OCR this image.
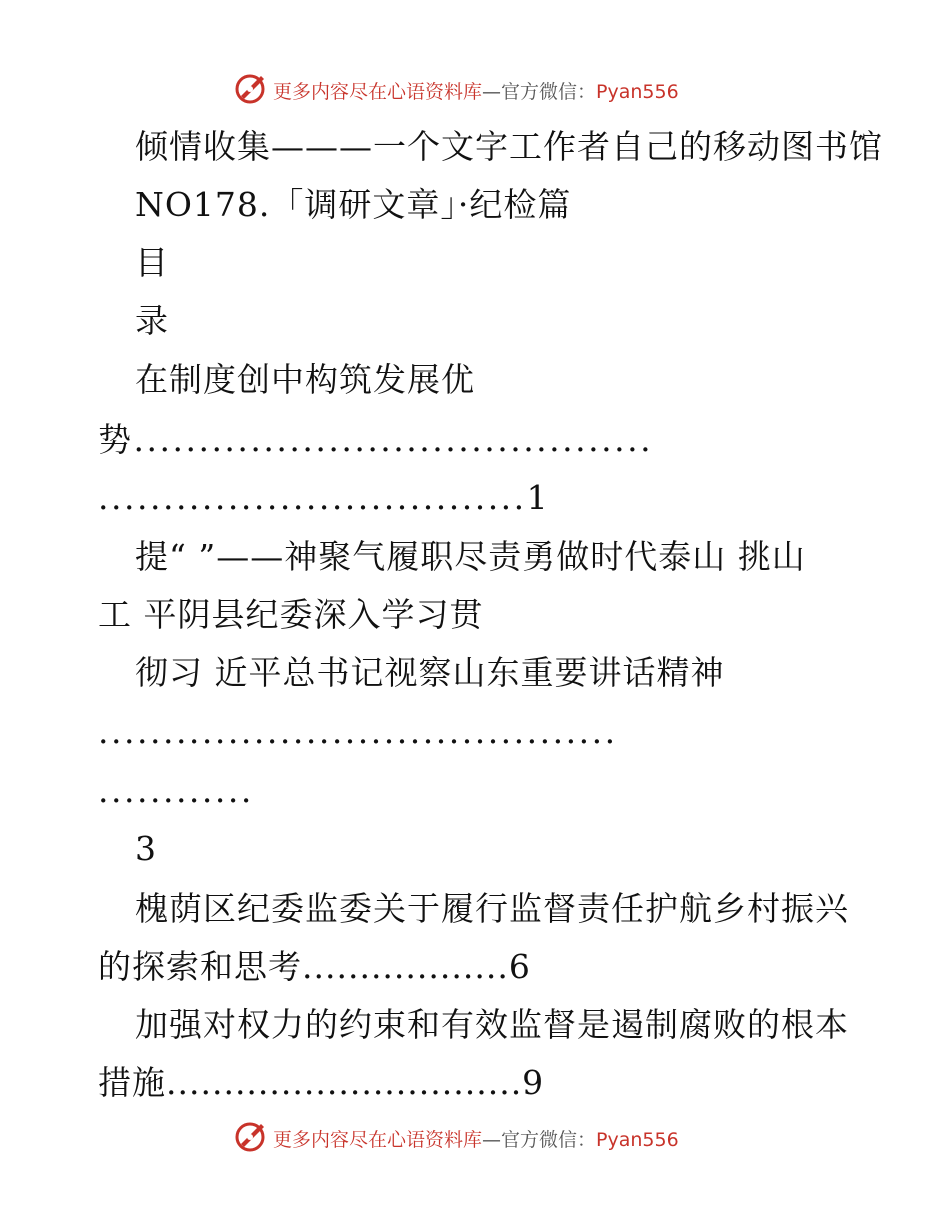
更多内容尽在心语资料库—官方微信：Pyan556
倾情收集———一个文字工作者自己的移动图书馆
NO178.「调研文章」·纪检篇
目
录
在制度创中构筑发展优
势........................................
.................................1
提“ ”——神聚气履职尽责勇做时代泰山 挑山
工 平阴县纪委深入学习贯
彻习 近平总书记视察山东重要讲话精神
........................................
............
3
槐荫区纪委监委关于履行监督责任护航乡村振兴
的探索和思考..................6
加强对权力的约束和有效监督是遏制腐败的根本
措施...............................9
更多内容尽在心语资料库—官方微信：Pyan556
